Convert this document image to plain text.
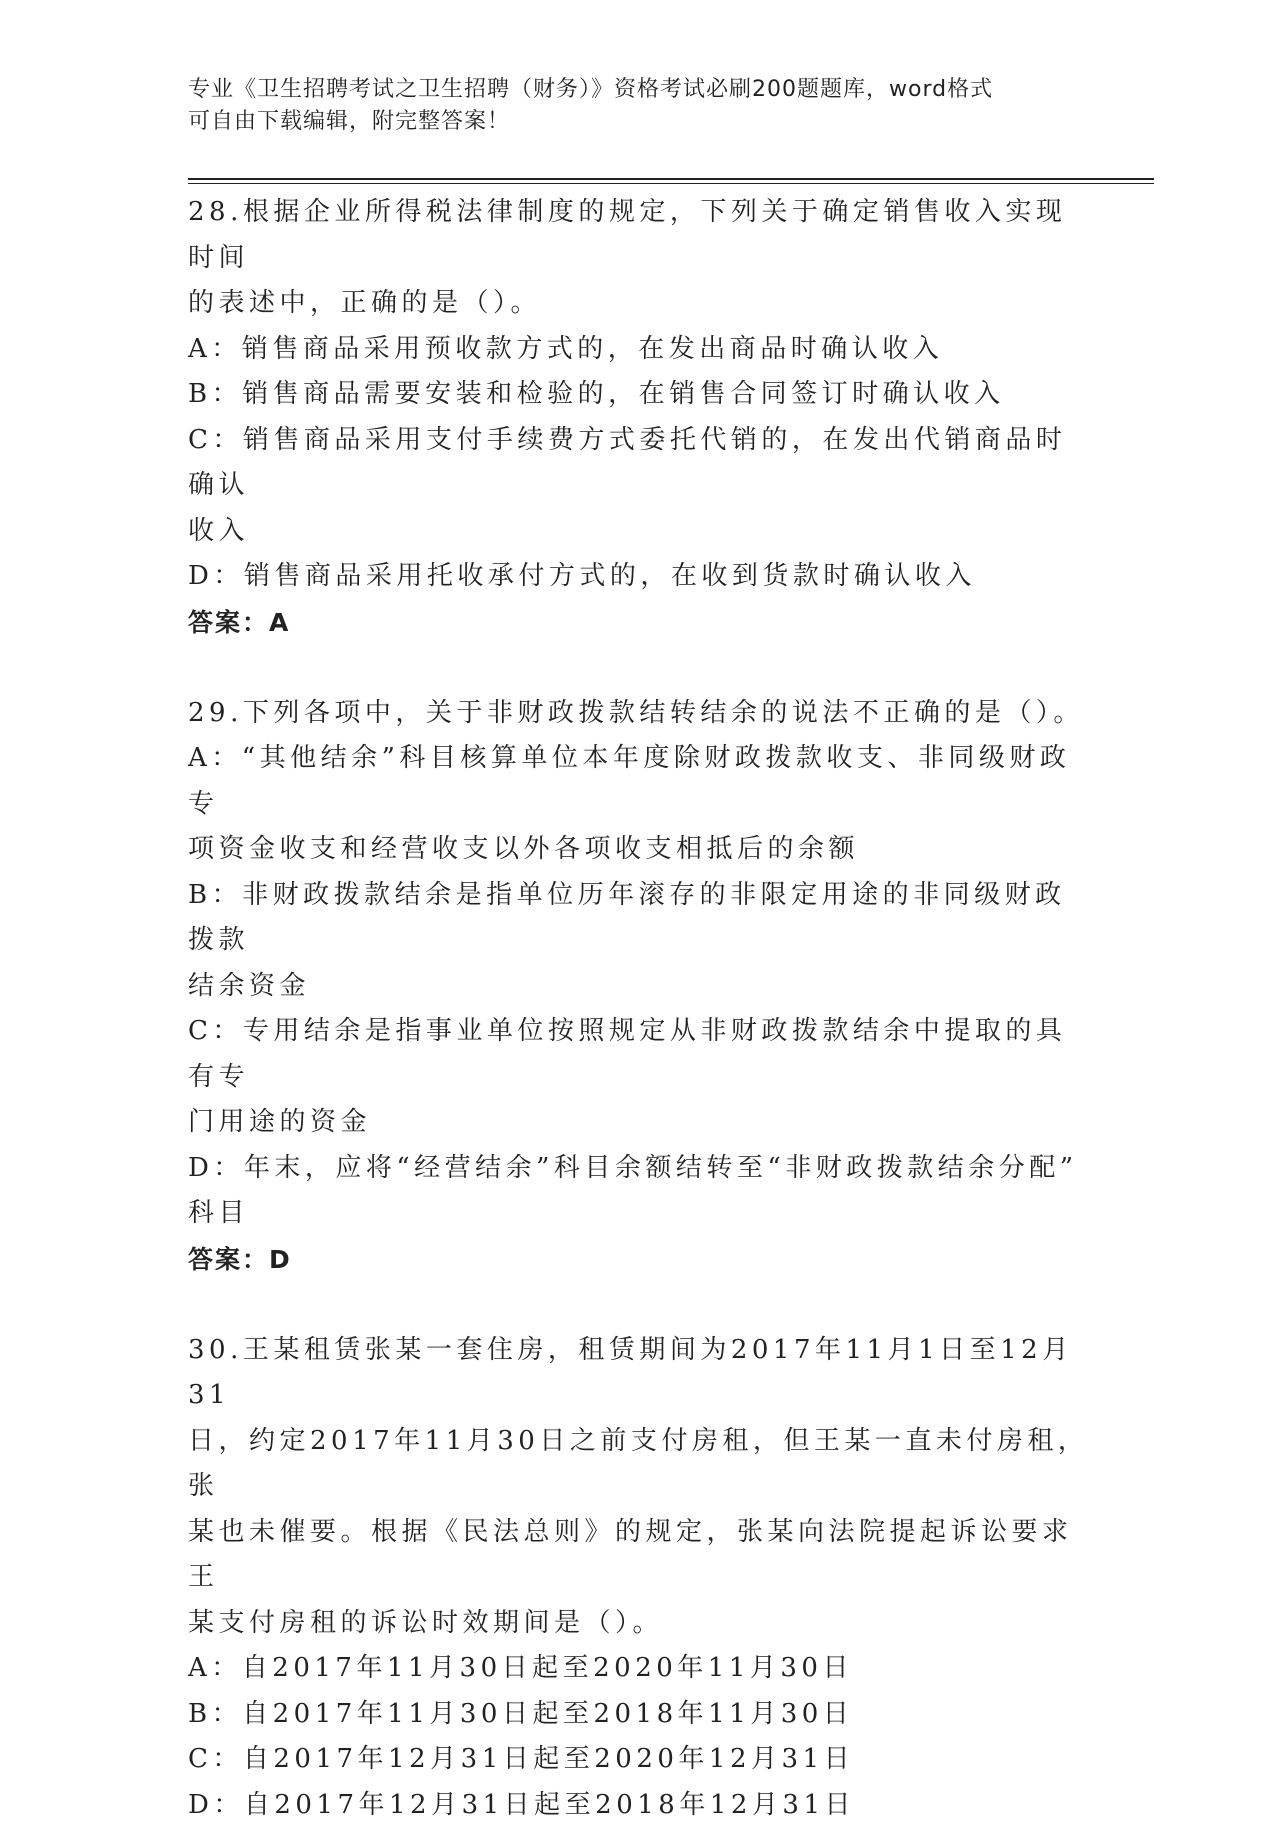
专业《卫生招聘考试之卫生招聘（财务）》资格考试必刷200题题库，word格式
可自由下载编辑，附完整答案！

28.根据企业所得税法律制度的规定，下列关于确定销售收入实现时间

的表述中，正确的是（）。

A：销售商品采用预收款方式的，在发出商品时确认收入

B：销售商品需要安装和检验的，在销售合同签订时确认收入

C：销售商品采用支付手续费方式委托代销的，在发出代销商品时确认

收入

D：销售商品采用托收承付方式的，在收到货款时确认收入

答案：A

29.下列各项中，关于非财政拨款结转结余的说法不正确的是（）。

A：“其他结余”科目核算单位本年度除财政拨款收支、非同级财政专

项资金收支和经营收支以外各项收支相抵后的余额

B：非财政拨款结余是指单位历年滚存的非限定用途的非同级财政拨款

结余资金

C：专用结余是指事业单位按照规定从非财政拨款结余中提取的具有专

门用途的资金

D：年末，应将“经营结余”科目余额结转至“非财政拨款结余分配”

科目

答案：D

30.王某租赁张某一套住房，租赁期间为2017年11月1日至12月31

日，约定2017年11月30日之前支付房租，但王某一直未付房租，张

某也未催要。根据《民法总则》的规定，张某向法院提起诉讼要求王

某支付房租的诉讼时效期间是（）。

A：自2017年11月30日起至2020年11月30日

B：自2017年11月30日起至2018年11月30日

C：自2017年12月31日起至2020年12月31日

D：自2017年12月31日起至2018年12月31日
